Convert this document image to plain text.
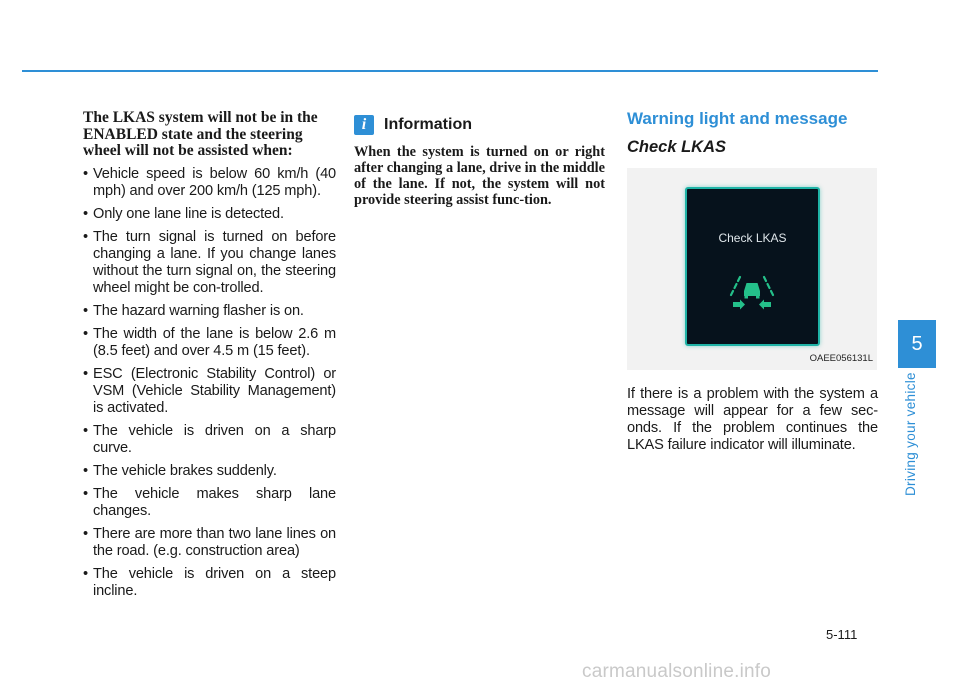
The LKAS system will not be in the ENABLED state and the steering wheel will not be assisted when:
• Vehicle speed is below 60 km/h (40 mph) and over 200 km/h (125 mph).
• Only one lane line is detected.
• The turn signal is turned on before changing a lane. If you change lanes without the turn signal on, the steering wheel might be con-trolled.
• The hazard warning flasher is on.
• The width of the lane is below 2.6 m (8.5 feet) and over 4.5 m (15 feet).
• ESC (Electronic Stability Control) or VSM (Vehicle Stability Management) is activated.
• The vehicle is driven on a sharp curve.
• The vehicle brakes suddenly.
• The vehicle makes sharp lane changes.
• There are more than two lane lines on the road. (e.g. construction area)
• The vehicle is driven on a steep incline.
i	Information

When the system is turned on or right after changing a lane, drive in the middle of the lane. If not, the system will not provide steering assist func-tion.

Warning light and message
Check LKAS
Check LKAS
OAEE056131L

If there is a problem with the system a message will appear for a few sec-onds. If the problem continues the LKAS failure indicator will illuminate.

5
Driving your vehicle
5-111
carmanualsonline.info
